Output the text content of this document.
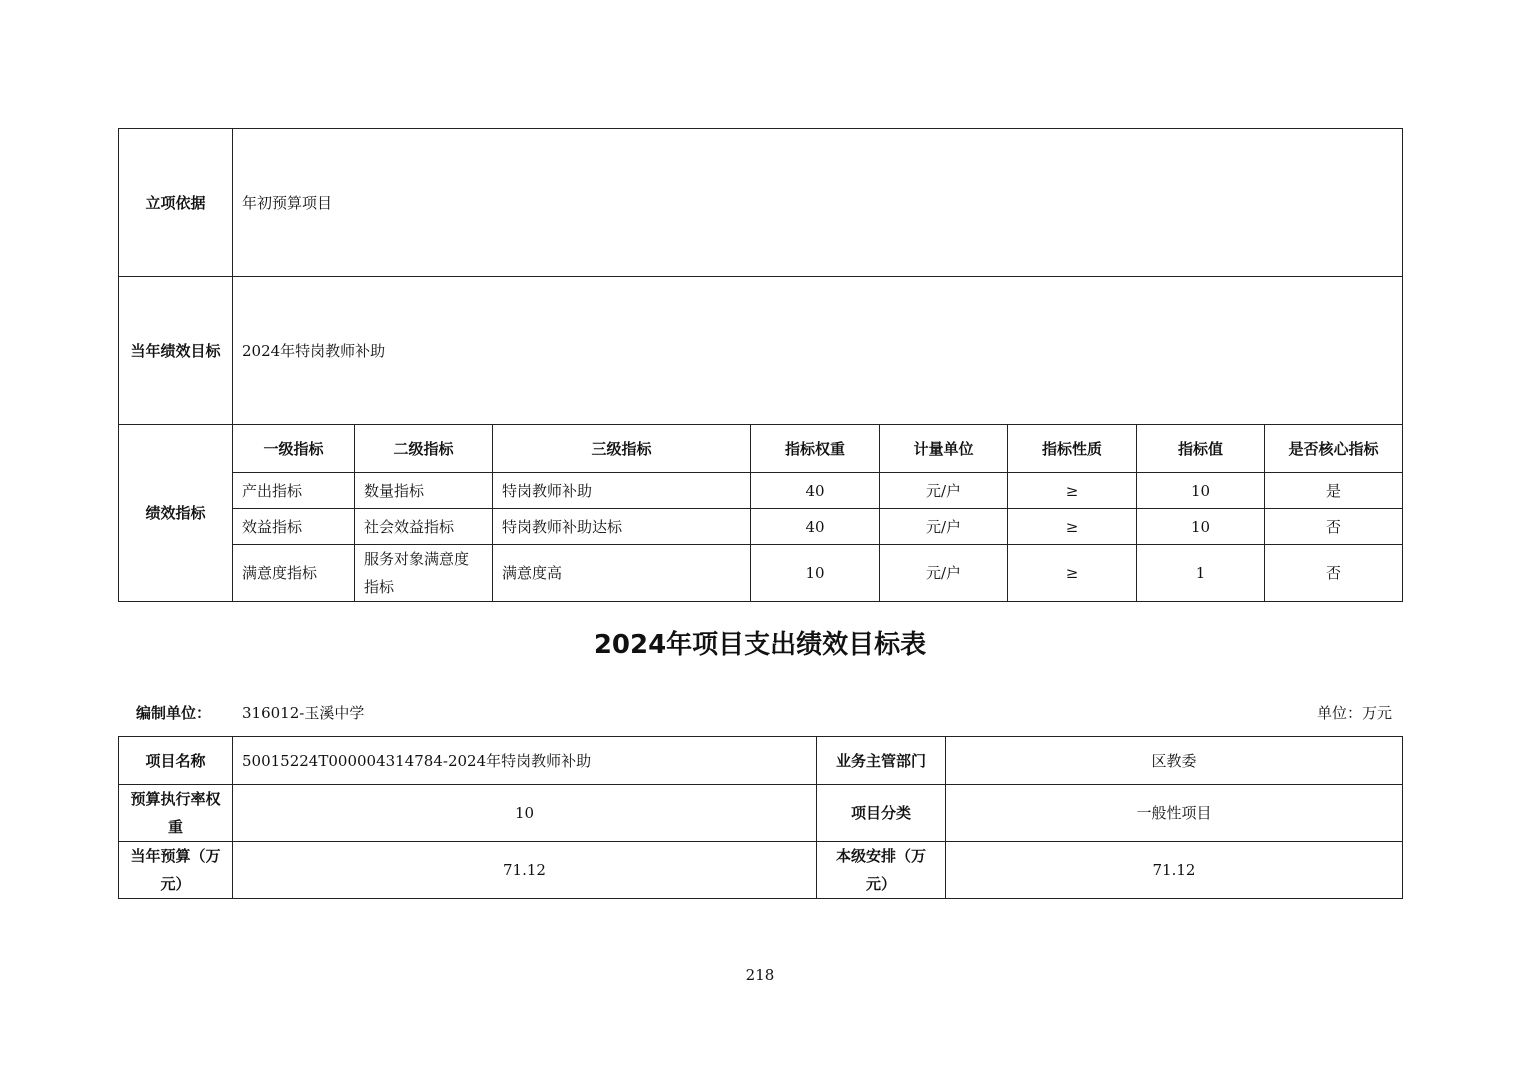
立项依据	年初预算项目							
当年绩效目标	2024年特岗教师补助							
绩效指标	一级指标	二级指标	三级指标	指标权重	计量单位	指标性质	指标值	是否核心指标
	产出指标	数量指标	特岗教师补助	40	元/户	≥	10	是
	效益指标	社会效益指标	特岗教师补助达标	40	元/户	≥	10	否
	满意度指标	服务对象满意度指标	满意度高	10	元/户	≥	1	否
2024年项目支出绩效目标表
编制单位： 316012-玉溪中学	单位：万元
项目名称	50015224T000004314784-2024年特岗教师补助	业务主管部门	区教委
预算执行率权重	10	项目分类	一般性项目
当年预算（万元）	71.12	本级安排（万元）	71.12
218
